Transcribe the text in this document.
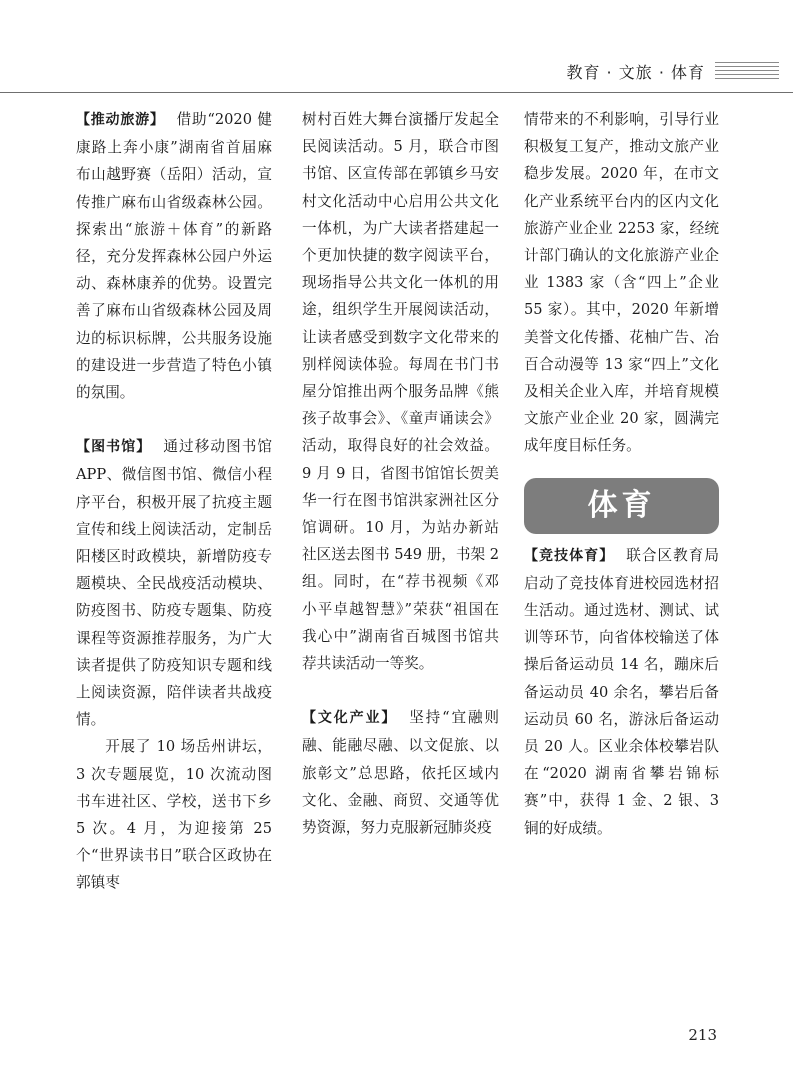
教育 · 文旅 · 体育

【推动旅游】 借助“2020 健康路上奔小康”湖南省首届麻布山越野赛（岳阳）活动，宣传推广麻布山省级森林公园。探索出“旅游＋体育”的新路径，充分发挥森林公园户外运动、森林康养的优势。设置完善了麻布山省级森林公园及周边的标识标牌，公共服务设施的建设进一步营造了特色小镇的氛围。

【图书馆】 通过移动图书馆 APP、微信图书馆、微信小程序平台，积极开展了抗疫主题宣传和线上阅读活动，定制岳阳楼区时政模块，新增防疫专题模块、全民战疫活动模块、防疫图书、防疫专题集、防疫课程等资源推荐服务，为广大读者提供了防疫知识专题和线上阅读资源，陪伴读者共战疫情。

开展了 10 场岳州讲坛，3 次专题展览，10 次流动图书车进社区、学校，送书下乡 5 次。4 月，为迎接第 25 个“世界读书日”联合区政协在郭镇枣

树村百姓大舞台演播厅发起全民阅读活动。5 月，联合市图书馆、区宣传部在郭镇乡马安村文化活动中心启用公共文化一体机，为广大读者搭建起一个更加快捷的数字阅读平台，现场指导公共文化一体机的用途，组织学生开展阅读活动，让读者感受到数字文化带来的别样阅读体验。每周在书门书屋分馆推出两个服务品牌《熊孩子故事会》、《童声诵读会》活动，取得良好的社会效益。9 月 9 日，省图书馆馆长贺美华一行在图书馆洪家洲社区分馆调研。10 月，为站办新站社区送去图书 549 册，书架 2 组。同时，在“荐书视频《邓小平卓越智慧》”荣获“祖国在我心中”湖南省百城图书馆共荐共读活动一等奖。

【文化产业】 坚持“宜融则融、能融尽融、以文促旅、以旅彰文”总思路，依托区域内文化、金融、商贸、交通等优势资源，努力克服新冠肺炎疫

情带来的不利影响，引导行业积极复工复产，推动文旅产业稳步发展。2020 年，在市文化产业系统平台内的区内文化旅游产业企业 2253 家，经统计部门确认的文化旅游产业企业 1383 家（含“四上”企业 55 家）。其中，2020 年新增美誉文化传播、花柚广告、冶百合动漫等 13 家“四上”文化及相关企业入库，并培育规模文旅产业企业 20 家，圆满完成年度目标任务。

体育

【竞技体育】 联合区教育局启动了竞技体育进校园选材招生活动。通过选材、测试、试训等环节，向省体校输送了体操后备运动员 14 名，蹦床后备运动员 40 余名，攀岩后备运动员 60 名，游泳后备运动员 20 人。区业余体校攀岩队在“2020 湖南省攀岩锦标赛”中，获得 1 金、2 银、3 铜的好成绩。

213
